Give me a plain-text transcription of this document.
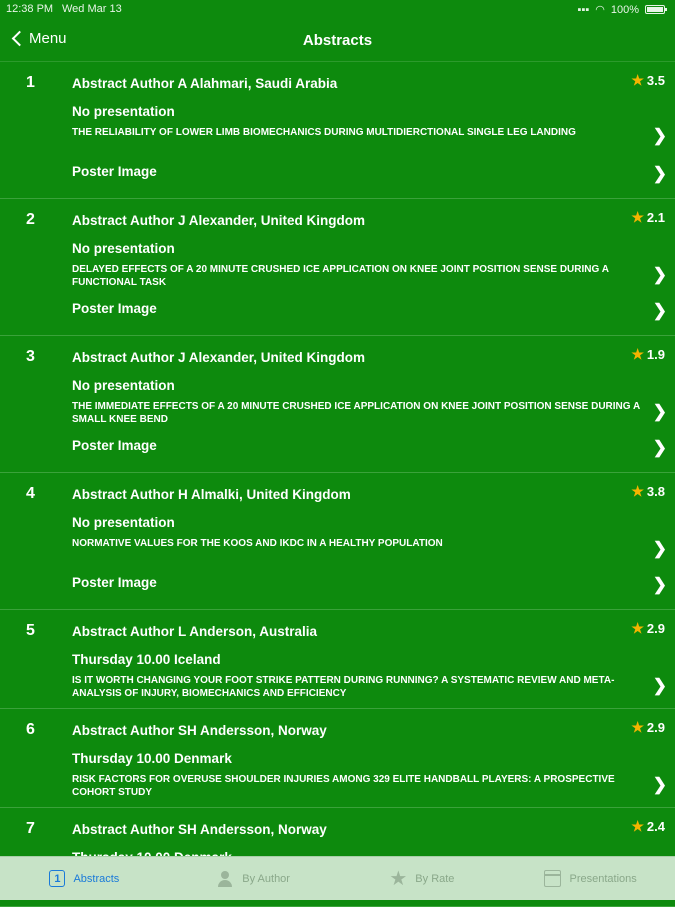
12:38 PM Wed Mar 13	▪▪▪ ◠ 100%
Menu	Abstracts
1	Abstract Author A Alahmari, Saudi Arabia	★ 3.5
No presentation
THE RELIABILITY OF LOWER LIMB BIOMECHANICS DURING MULTIDIERCTIONAL SINGLE LEG LANDING	❯
Poster Image	❯
2	Abstract Author J Alexander, United Kingdom	★ 2.1
No presentation
DELAYED EFFECTS OF A 20 MINUTE CRUSHED ICE APPLICATION ON KNEE JOINT POSITION SENSE DURING A FUNCTIONAL TASK	❯
Poster Image	❯
3	Abstract Author J Alexander, United Kingdom	★ 1.9
No presentation
THE IMMEDIATE EFFECTS OF A 20 MINUTE CRUSHED ICE APPLICATION ON KNEE JOINT POSITION SENSE DURING A SMALL KNEE BEND	❯
Poster Image	❯
4	Abstract Author H Almalki, United Kingdom	★ 3.8
No presentation
NORMATIVE VALUES FOR THE KOOS AND IKDC IN A HEALTHY POPULATION	❯
Poster Image	❯
5	Abstract Author L Anderson, Australia	★ 2.9
Thursday 10.00 Iceland
IS IT WORTH CHANGING YOUR FOOT STRIKE PATTERN DURING RUNNING? A SYSTEMATIC REVIEW AND META-ANALYSIS OF INJURY, BIOMECHANICS AND EFFICIENCY	❯
6	Abstract Author SH Andersson, Norway	★ 2.9
Thursday 10.00 Denmark
RISK FACTORS FOR OVERUSE SHOULDER INJURIES AMONG 329 ELITE HANDBALL PLAYERS: A PROSPECTIVE COHORT STUDY	❯
7	Abstract Author SH Andersson, Norway	★ 2.4
1	Abstracts	By Author	★ By Rate	Presentations
